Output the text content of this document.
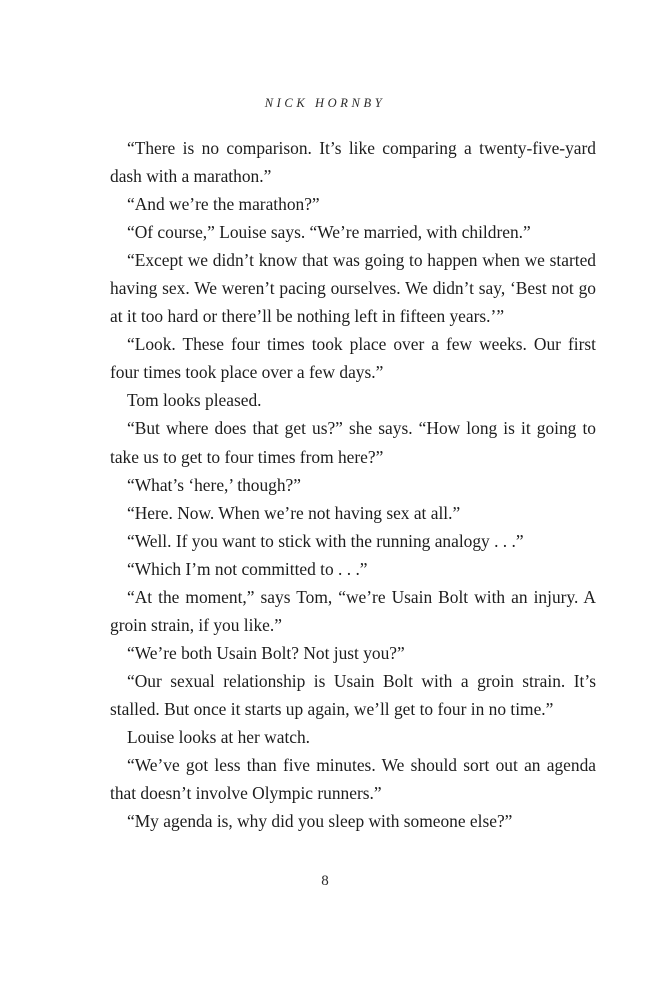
NICK HORNBY

“There is no comparison. It’s like comparing a twenty-five-yard dash with a marathon.”

“And we’re the marathon?”

“Of course,” Louise says. “We’re married, with children.”

“Except we didn’t know that was going to happen when we started having sex. We weren’t pacing ourselves. We didn’t say, ‘Best not go at it too hard or there’ll be nothing left in fifteen years.’”

“Look. These four times took place over a few weeks. Our first four times took place over a few days.”

Tom looks pleased.

“But where does that get us?” she says. “How long is it going to take us to get to four times from here?”

“What’s ‘here,’ though?”

“Here. Now. When we’re not having sex at all.”

“Well. If you want to stick with the running analogy . . .”

“Which I’m not committed to . . .”

“At the moment,” says Tom, “we’re Usain Bolt with an injury. A groin strain, if you like.”

“We’re both Usain Bolt? Not just you?”

“Our sexual relationship is Usain Bolt with a groin strain. It’s stalled. But once it starts up again, we’ll get to four in no time.”

Louise looks at her watch.

“We’ve got less than five minutes. We should sort out an agenda that doesn’t involve Olympic runners.”

“My agenda is, why did you sleep with someone else?”

8
